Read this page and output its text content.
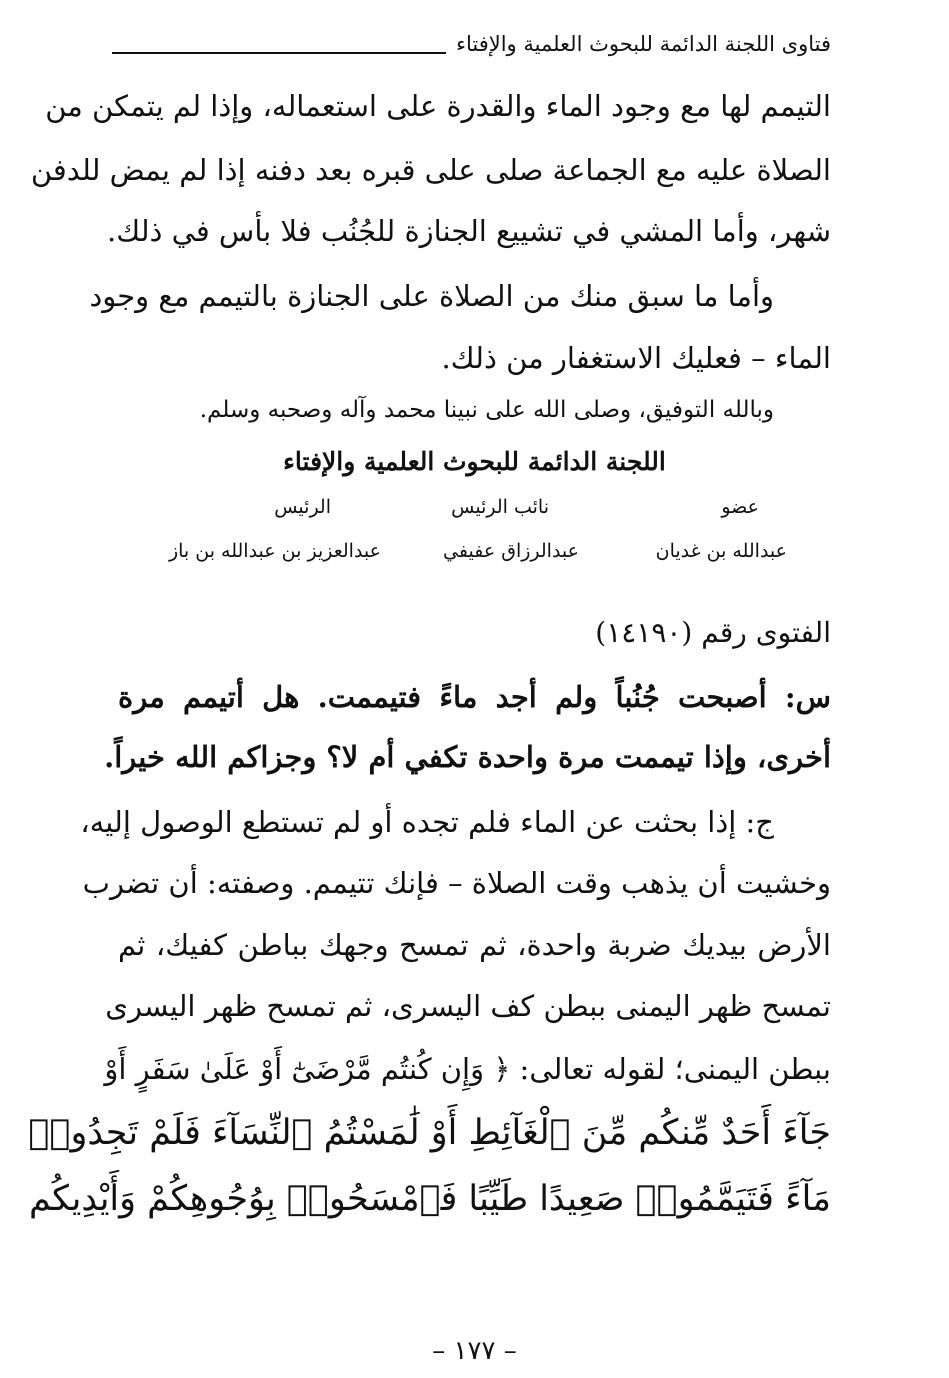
فتاوى اللجنة الدائمة للبحوث العلمية والإفتاء
التيمم لها مع وجود الماء والقدرة على استعماله، وإذا لم يتمكن من
الصلاة عليه مع الجماعة صلى على قبره بعد دفنه إذا لم يمض للدفن
شهر، وأما المشي في تشييع الجنازة للجُنُب فلا بأس في ذلك.
وأما ما سبق منك من الصلاة على الجنازة بالتيمم مع وجود
الماء – فعليك الاستغفار من ذلك.
وبالله التوفيق، وصلى الله على نبينا محمد وآله وصحبه وسلم.
اللجنة الدائمة للبحوث العلمية والإفتاء
عضو
عبدالله بن غديان
نائب الرئيس
عبدالرزاق عفيفي
الرئيس
عبدالعزيز بن عبدالله بن باز
الفتوى رقم (١٤١٩٠)
س: أصبحت جُنُباً ولم أجد ماءً فتيممت. هل أتيمم مرة
أخرى، وإذا تيممت مرة واحدة تكفي أم لا؟ وجزاكم الله خيراً.
ج: إذا بحثت عن الماء فلم تجده أو لم تستطع الوصول إليه،
وخشيت أن يذهب وقت الصلاة – فإنك تتيمم. وصفته: أن تضرب
الأرض بيديك ضربة واحدة، ثم تمسح وجهك بباطن كفيك، ثم
تمسح ظهر اليمنى ببطن كف اليسرى، ثم تمسح ظهر اليسرى
ببطن اليمنى؛ لقوله تعالى: ﴿ وَإِن كُنتُم مَّرْضَىٰٓ أَوْ عَلَىٰ سَفَرٍ أَوْ
جَآءَ أَحَدٌ مِّنكُم مِّنَ ٱلْغَآئِطِ أَوْ لَٰمَسْتُمُ ٱلنِّسَآءَ فَلَمْ تَجِدُوا۟
مَآءً فَتَيَمَّمُوا۟ صَعِيدًا طَيِّبًا فَٱمْسَحُوا۟ بِوُجُوهِكُمْ وَأَيْدِيكُم
– ١٧٧ –
